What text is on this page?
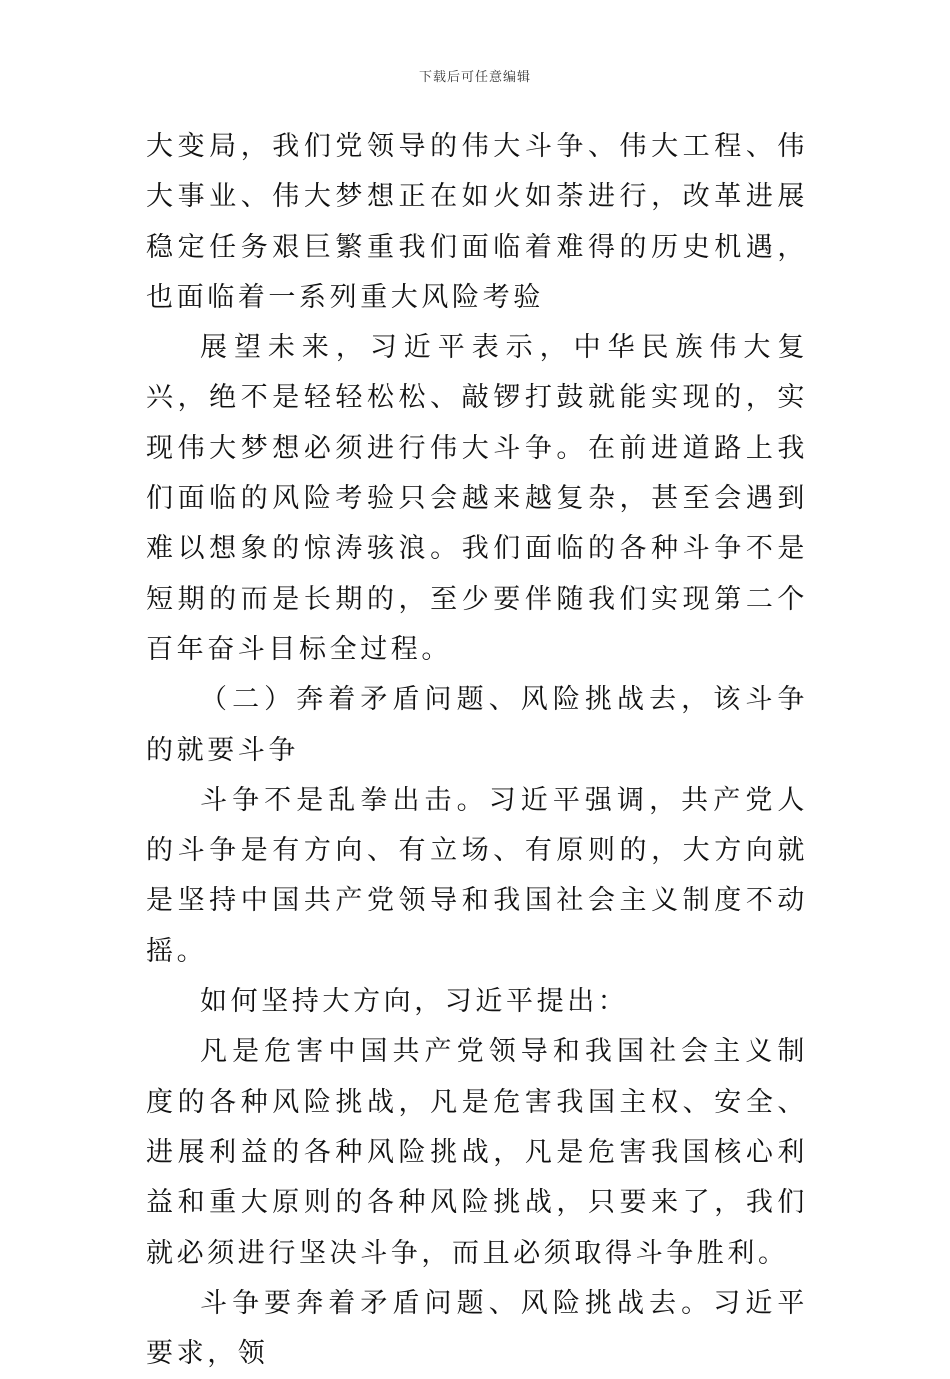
下载后可任意编辑

大变局，我们党领导的伟大斗争、伟大工程、伟大事业、伟大梦想正在如火如荼进行，改革进展稳定任务艰巨繁重我们面临着难得的历史机遇，也面临着一系列重大风险考验

展望未来，习近平表示，中华民族伟大复兴，绝不是轻轻松松、敲锣打鼓就能实现的，实现伟大梦想必须进行伟大斗争。在前进道路上我们面临的风险考验只会越来越复杂，甚至会遇到难以想象的惊涛骇浪。我们面临的各种斗争不是短期的而是长期的，至少要伴随我们实现第二个百年奋斗目标全过程。

（二）奔着矛盾问题、风险挑战去，该斗争的就要斗争

斗争不是乱拳出击。习近平强调，共产党人的斗争是有方向、有立场、有原则的，大方向就是坚持中国共产党领导和我国社会主义制度不动摇。

如何坚持大方向，习近平提出：

凡是危害中国共产党领导和我国社会主义制度的各种风险挑战，凡是危害我国主权、安全、进展利益的各种风险挑战，凡是危害我国核心利益和重大原则的各种风险挑战，只要来了，我们就必须进行坚决斗争，而且必须取得斗争胜利。

斗争要奔着矛盾问题、风险挑战去。习近平要求，领
